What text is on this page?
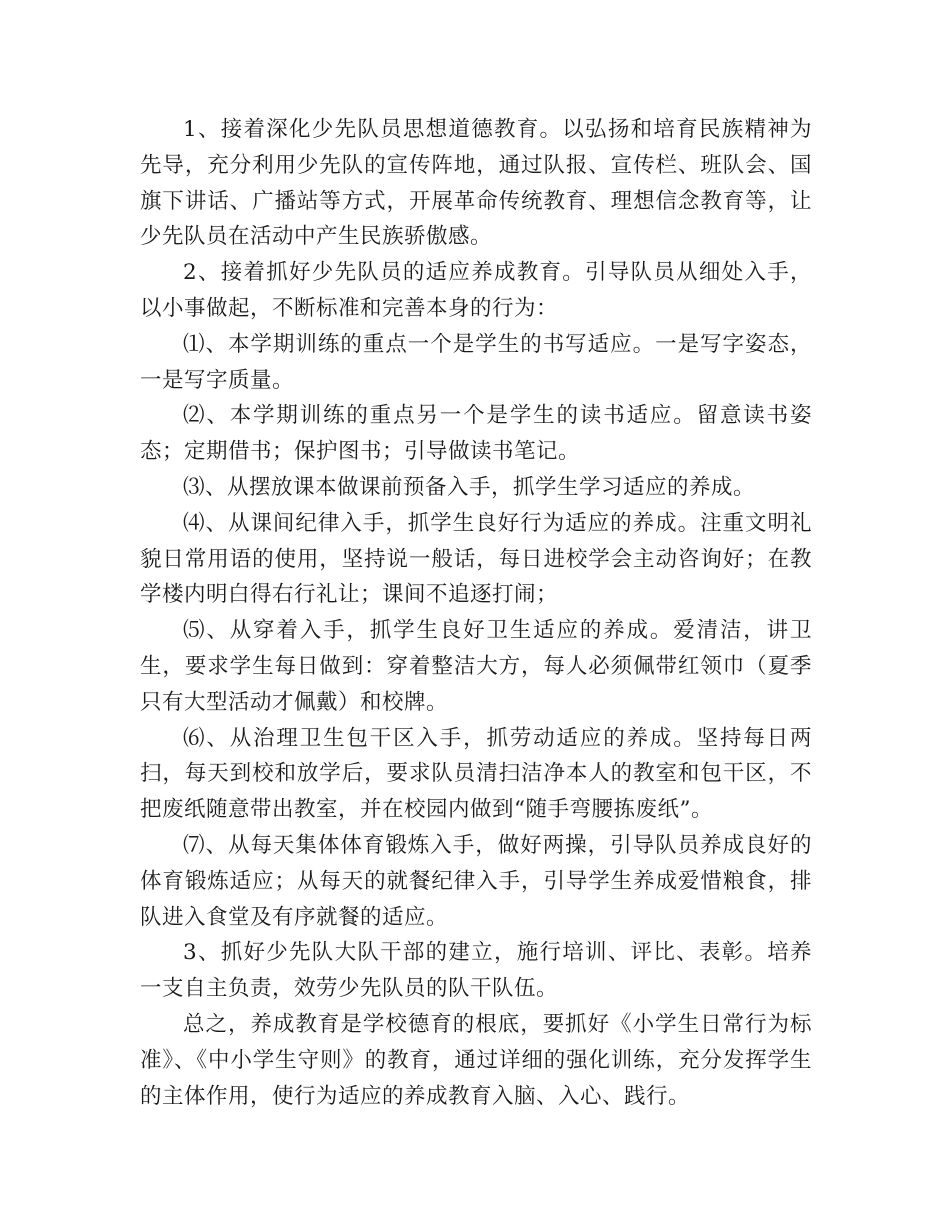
1、接着深化少先队员思想道德教育。以弘扬和培育民族精神为先导，充分利用少先队的宣传阵地，通过队报、宣传栏、班队会、国旗下讲话、广播站等方式，开展革命传统教育、理想信念教育等，让少先队员在活动中产生民族骄傲感。

2、接着抓好少先队员的适应养成教育。引导队员从细处入手，以小事做起，不断标准和完善本身的行为：

⑴、本学期训练的重点一个是学生的书写适应。一是写字姿态，一是写字质量。

⑵、本学期训练的重点另一个是学生的读书适应。留意读书姿态；定期借书；保护图书；引导做读书笔记。

⑶、从摆放课本做课前预备入手，抓学生学习适应的养成。

⑷、从课间纪律入手，抓学生良好行为适应的养成。注重文明礼貌日常用语的使用，坚持说一般话，每日进校学会主动咨询好；在教学楼内明白得右行礼让；课间不追逐打闹；

⑸、从穿着入手，抓学生良好卫生适应的养成。爱清洁，讲卫生，要求学生每日做到：穿着整洁大方，每人必须佩带红领巾（夏季只有大型活动才佩戴）和校牌。

⑹、从治理卫生包干区入手，抓劳动适应的养成。坚持每日两扫，每天到校和放学后，要求队员清扫洁净本人的教室和包干区，不把废纸随意带出教室，并在校园内做到“随手弯腰拣废纸”。

⑺、从每天集体体育锻炼入手，做好两操，引导队员养成良好的体育锻炼适应；从每天的就餐纪律入手，引导学生养成爱惜粮食，排队进入食堂及有序就餐的适应。

3、抓好少先队大队干部的建立，施行培训、评比、表彰。培养一支自主负责，效劳少先队员的队干队伍。

总之，养成教育是学校德育的根底，要抓好《小学生日常行为标准》、《中小学生守则》的教育，通过详细的强化训练，充分发挥学生的主体作用，使行为适应的养成教育入脑、入心、践行。
